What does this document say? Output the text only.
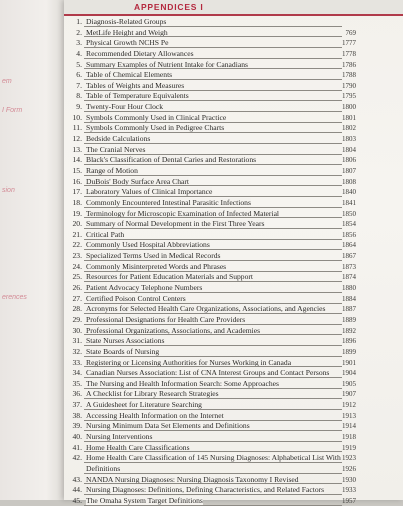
em
I Form
sion
erences
APPENDICES I
1. Diagnosis-Related Groups
2. MetLife Height and Weigh	769
3. Physical Growth NCHS Pe	1777
4. Recommended Dietary Allowances	1778
5. Summary Examples of Nutrient Intake for Canadians	1786
6. Table of Chemical Elements	1788
7. Tables of Weights and Measures	1790
8. Table of Temperature Equivalents	1795
9. Twenty-Four Hour Clock	1800
10. Symbols Commonly Used in Clinical Practice	1801
11. Symbols Commonly Used in Pedigree Charts	1802
12. Bedside Calculations	1803
13. The Cranial Nerves	1804
14. Black's Classification of Dental Caries and Restorations	1806
15. Range of Motion	1807
16. DuBois' Body Surface Area Chart	1808
17. Laboratory Values of Clinical Importance	1840
18. Commonly Encountered Intestinal Parasitic Infections	1841
19. Terminology for Microscopic Examination of Infected Material	1850
20. Summary of Normal Development in the First Three Years	1854
21. Critical Path	1856
22. Commonly Used Hospital Abbreviations	1864
23. Specialized Terms Used in Medical Records	1867
24. Commonly Misinterpreted Words and Phrases	1873
25. Resources for Patient Education Materials and Support	1874
26. Patient Advocacy Telephone Numbers	1880
27. Certified Poison Control Centers	1884
28. Acronyms for Selected Health Care Organizations, Associations, and Agencies 1887
29. Professional Designations for Health Care Providers	1889
30. Professional Organizations, Associations, and Academies	1892
31. State Nurses Associations	1896
32. State Boards of Nursing	1899
33. Registering or Licensing Authorities for Nurses Working in Canada	1901
34. Canadian Nurses Association: List of CNA Interest Groups and Contact Persons 1904
35. The Nursing and Health Information Search: Some Approaches	1905
36. A Checklist for Library Research Strategies	1907
37. A Guidesheet for Literature Searching	1912
38. Accessing Health Information on the Internet	1913
39. Nursing Minimum Data Set Elements and Definitions	1914
40. Nursing Interventions	1918
41. Home Health Care Classifications	1919
42. Home Health Care Classification of 145 Nursing Diagnoses: Alphabetical List With 1923
Definitions	1926
43. NANDA Nursing Diagnoses: Nursing Diagnosis Taxonomy I Revised	1930
44. Nursing Diagnoses: Definitions, Defining Characteristics, and Related Factors	1933
45. The Omaha System Target Definitions	1957
